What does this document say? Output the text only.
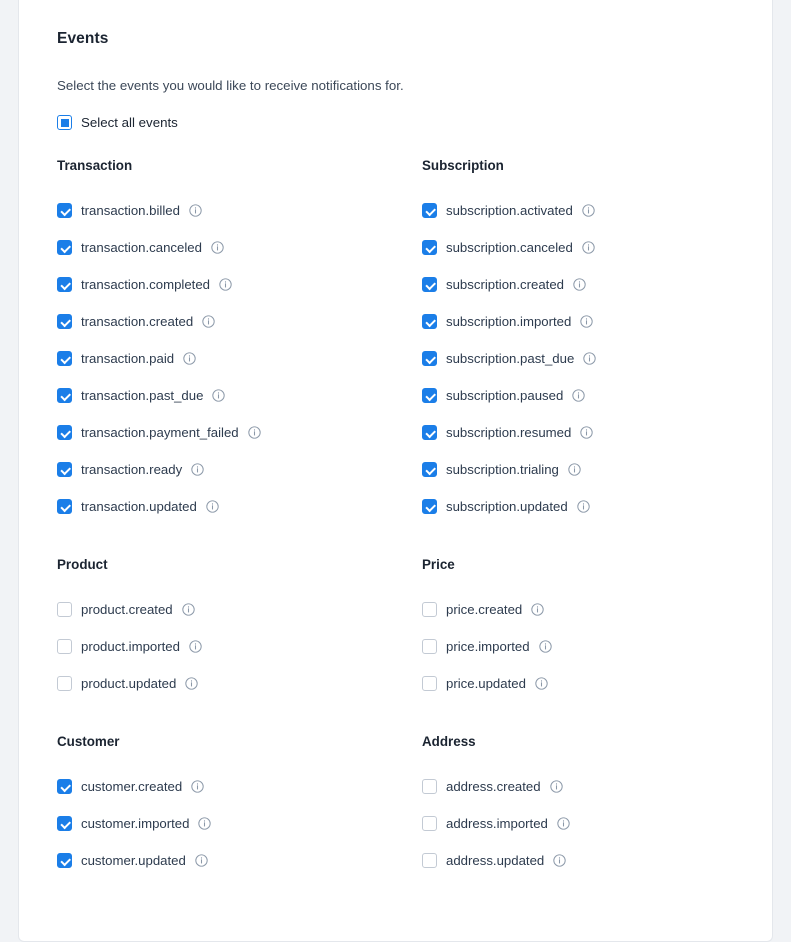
Events

Select the events you would like to receive notifications for.

Select all events
Transaction
transaction.billed
transaction.canceled
transaction.completed
transaction.created
transaction.paid
transaction.past_due
transaction.payment_failed
transaction.ready
transaction.updated
Subscription
subscription.activated
subscription.canceled
subscription.created
subscription.imported
subscription.past_due
subscription.paused
subscription.resumed
subscription.trialing
subscription.updated
Product
product.created
product.imported
product.updated
Price
price.created
price.imported
price.updated
Customer
customer.created
customer.imported
customer.updated
Address
address.created
address.imported
address.updated
